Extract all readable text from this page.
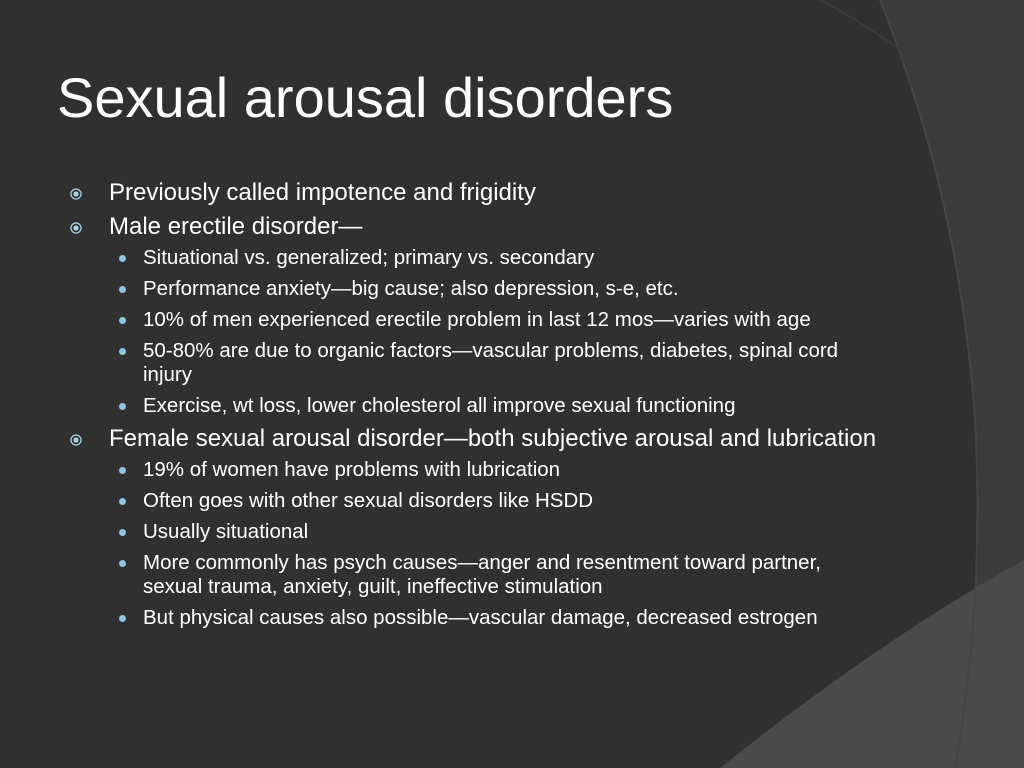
Sexual arousal disorders
Previously called impotence and frigidity
Male erectile disorder—
Situational vs. generalized; primary vs. secondary
Performance anxiety—big cause; also depression, s-e, etc.
10% of men experienced erectile problem in last 12 mos—varies with age
50-80% are due to organic factors—vascular problems, diabetes, spinal cord injury
Exercise, wt loss, lower cholesterol all improve sexual functioning
Female sexual arousal disorder—both subjective arousal and lubrication
19% of women have problems with lubrication
Often goes with other sexual disorders like HSDD
Usually situational
More commonly has psych causes—anger and resentment toward partner, sexual trauma, anxiety, guilt, ineffective stimulation
But physical causes also possible—vascular damage, decreased estrogen
